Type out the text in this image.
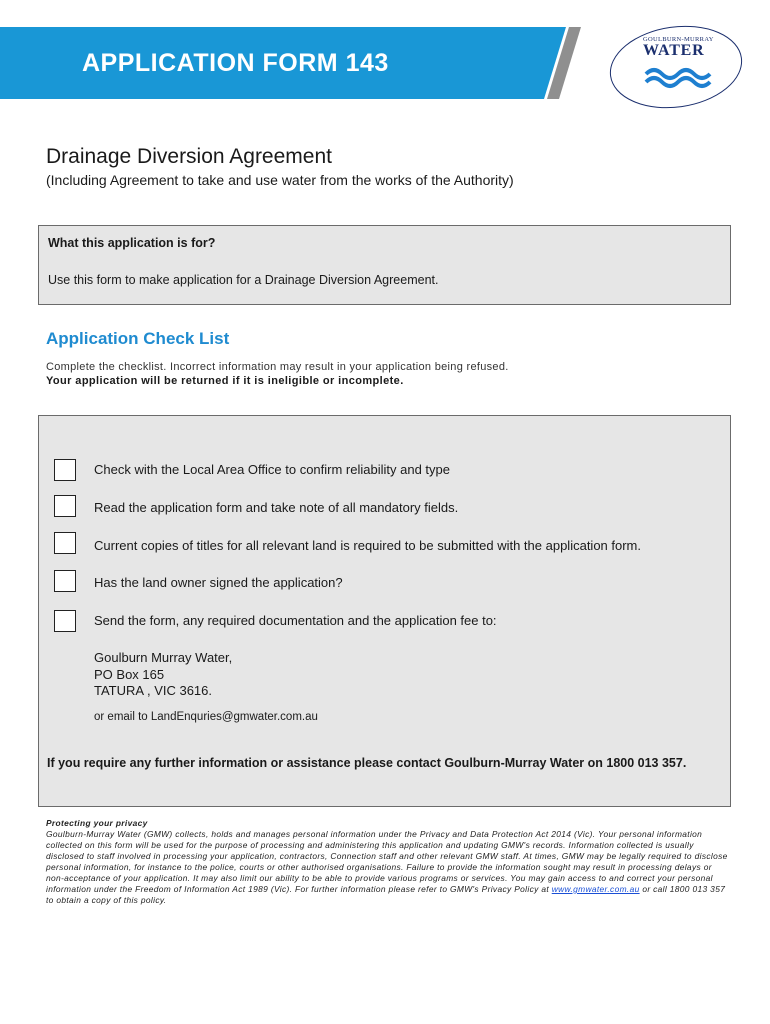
APPLICATION FORM 143
GOULBURN-MURRAY
WATER
Drainage Diversion Agreement
(Including Agreement to take and use water from the works of the Authority)
What this application is for?
Use this form to make application for a Drainage Diversion Agreement.
Application Check List
Complete the checklist. Incorrect information may result in your application being refused.
Your application will be returned if it is ineligible or incomplete.
Check with the Local Area Office to confirm reliability and type
Read the application form and take note of all mandatory fields.
Current copies of titles for all relevant land is required to be submitted with the application form.
Has the land owner signed the application?
Send the form, any required documentation and the application fee to:
Goulburn Murray Water,
PO Box 165
TATURA , VIC 3616.
or email to LandEnquries@gmwater.com.au
If you require any further information or assistance please contact Goulburn-Murray Water on 1800 013 357.
Protecting your privacy
Goulburn-Murray Water (GMW) collects, holds and manages personal information under the Privacy and Data Protection Act 2014 (Vic). Your personal information collected on this form will be used for the purpose of processing and administering this application and updating GMW's records. Information collected is usually disclosed to staff involved in processing your application, contractors, Connection staff and other relevant GMW staff. At times, GMW may be legally required to disclose personal information, for instance to the police, courts or other authorised organisations. Failure to provide the information sought may result in processing delays or non-acceptance of your application. It may also limit our ability to be able to provide various programs or services. You may gain access to and correct your personal information under the Freedom of Information Act 1989 (Vic). For further information please refer to GMW's Privacy Policy at www.gmwater.com.au or call 1800 013 357 to obtain a copy of this policy.
